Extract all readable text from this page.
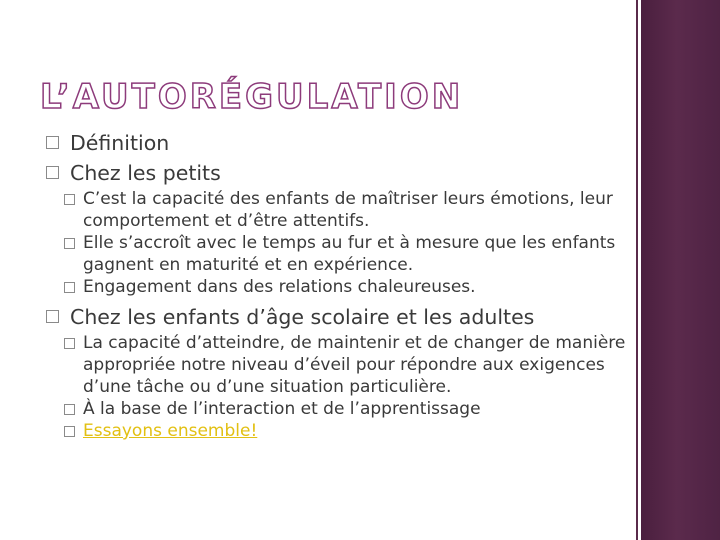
L’AUTORÉGULATION
Définition
Chez les petits
C’est la capacité des enfants de maîtriser leurs émotions, leur comportement et d’être attentifs.
Elle s’accroît avec le temps au fur et à mesure que les enfants gagnent en maturité et en expérience.
Engagement dans des relations chaleureuses.
Chez les enfants d’âge scolaire et les adultes
La capacité d’atteindre, de maintenir et de changer de manière appropriée notre niveau d’éveil pour répondre aux exigences d’une tâche ou d’une situation particulière.
À la base de l’interaction et de l’apprentissage
Essayons ensemble!
